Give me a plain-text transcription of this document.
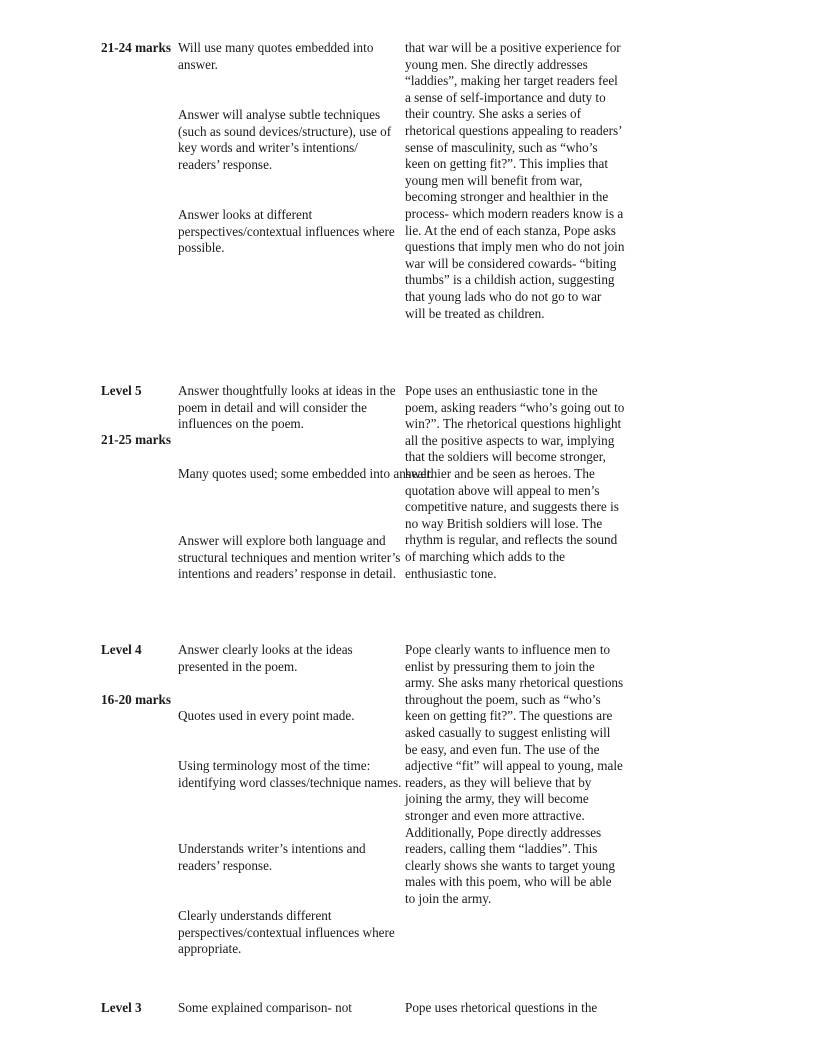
21-24 marks Will use many quotes embedded into answer.
Answer will analyse subtle techniques (such as sound devices/structure), use of key words and writer’s intentions/ readers’ response.
Answer looks at different perspectives/contextual influences where possible.
that war will be a positive experience for young men. She directly addresses “laddies”, making her target readers feel a sense of self-importance and duty to their country. She asks a series of rhetorical questions appealing to readers’ sense of masculinity, such as “who’s keen on getting fit?”. This implies that young men will benefit from war, becoming stronger and healthier in the process- which modern readers know is a lie. At the end of each stanza, Pope asks questions that imply men who do not join war will be considered cowards- “biting thumbs” is a childish action, suggesting that young lads who do not go to war will be treated as children.
Level 5
21-25 marks
Answer thoughtfully looks at ideas in the poem in detail and will consider the influences on the poem.
Many quotes used; some embedded into answer.
Answer will explore both language and structural techniques and mention writer’s intentions and readers’ response in detail.
Pope uses an enthusiastic tone in the poem, asking readers “who’s going out to win?”. The rhetorical questions highlight all the positive aspects to war, implying that the soldiers will become stronger, healthier and be seen as heroes. The quotation above will appeal to men’s competitive nature, and suggests there is no way British soldiers will lose. The rhythm is regular, and reflects the sound of marching which adds to the enthusiastic tone.
Level 4
16-20 marks
Answer clearly looks at the ideas presented in the poem.
Quotes used in every point made.
Using terminology most of the time: identifying word classes/technique names.
Understands writer’s intentions and readers’ response.
Clearly understands different perspectives/contextual influences where appropriate.
Pope clearly wants to influence men to enlist by pressuring them to join the army. She asks many rhetorical questions throughout the poem, such as “who’s keen on getting fit?”. The questions are asked casually to suggest enlisting will be easy, and even fun. The use of the adjective “fit” will appeal to young, male readers, as they will believe that by joining the army, they will become stronger and even more attractive. Additionally, Pope directly addresses readers, calling them “laddies”. This clearly shows she wants to target young males with this poem, who will be able to join the army.
Level 3	Some explained comparison- not	Pope uses rhetorical questions in the
